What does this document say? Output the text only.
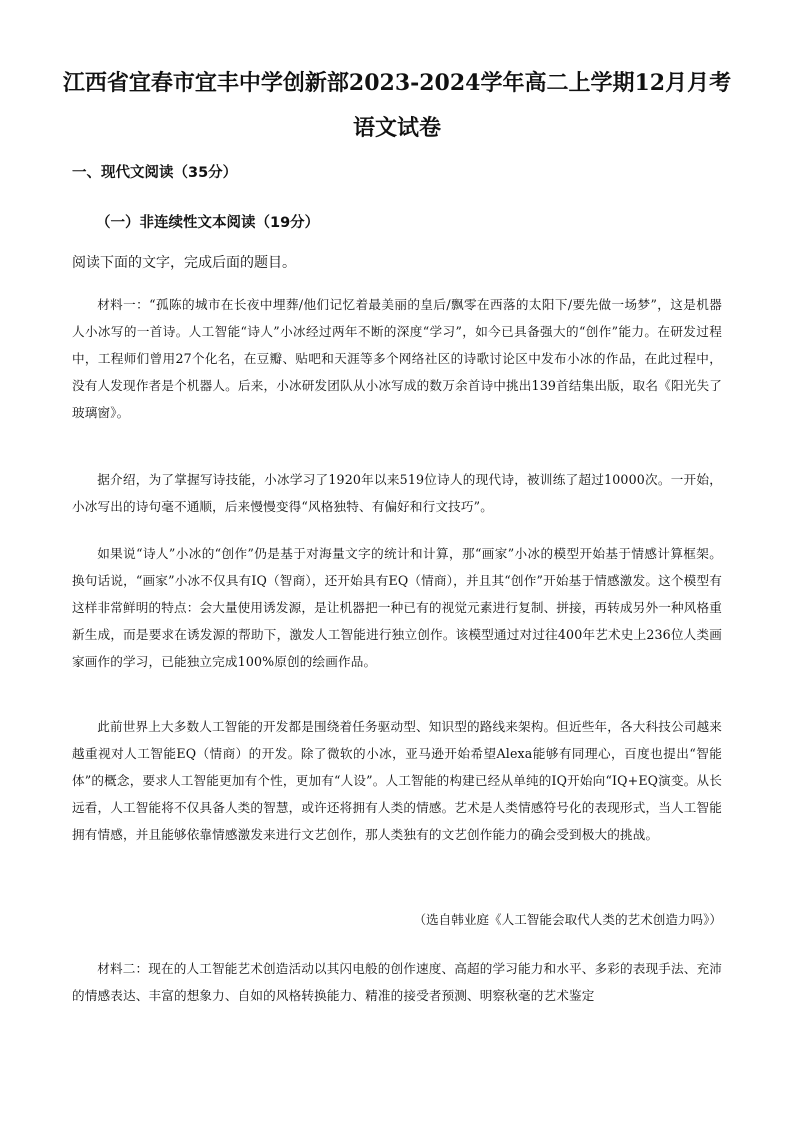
江西省宜春市宜丰中学创新部2023-2024学年高二上学期12月月考
语文试卷
一、现代文阅读（35分）
（一）非连续性文本阅读（19分）

阅读下面的文字，完成后面的题目。

材料一：“孤陈的城市在长夜中埋葬/他们记忆着最美丽的皇后/飘零在西落的太阳下/要先做一场梦”，这是机器人小冰写的一首诗。人工智能“诗人”小冰经过两年不断的深度“学习”，如今已具备强大的“创作”能力。在研发过程中，工程师们曾用27个化名，在豆瓣、贴吧和天涯等多个网络社区的诗歌讨论区中发布小冰的作品，在此过程中，没有人发现作者是个机器人。后来，小冰研发团队从小冰写成的数万余首诗中挑出139首结集出版，取名《阳光失了玻璃窗》。

据介绍，为了掌握写诗技能，小冰学习了1920年以来519位诗人的现代诗，被训练了超过10000次。一开始，小冰写出的诗句毫不通顺，后来慢慢变得“风格独特、有偏好和行文技巧”。

如果说“诗人”小冰的“创作”仍是基于对海量文字的统计和计算，那“画家”小冰的模型开始基于情感计算框架。换句话说，“画家”小冰不仅具有IQ（智商），还开始具有EQ（情商），并且其“创作”开始基于情感激发。这个模型有这样非常鲜明的特点：会大量使用诱发源，是让机器把一种已有的视觉元素进行复制、拼接，再转成另外一种风格重新生成，而是要求在诱发源的帮助下，激发人工智能进行独立创作。该模型通过对过往400年艺术史上236位人类画家画作的学习，已能独立完成100%原创的绘画作品。

此前世界上大多数人工智能的开发都是围绕着任务驱动型、知识型的路线来架构。但近些年，各大科技公司越来越重视对人工智能EQ（情商）的开发。除了微软的小冰，亚马逊开始希望Alexa能够有同理心，百度也提出“智能体”的概念，要求人工智能更加有个性，更加有“人设”。人工智能的构建已经从单纯的IQ开始向“IQ+EQ演变。从长远看，人工智能将不仅具备人类的智慧，或许还将拥有人类的情感。艺术是人类情感符号化的表现形式，当人工智能拥有情感，并且能够依靠情感激发来进行文艺创作，那人类独有的文艺创作能力的确会受到极大的挑战。

（选自韩业庭《人工智能会取代人类的艺术创造力吗》）

材料二：现在的人工智能艺术创造活动以其闪电般的创作速度、高超的学习能力和水平、多彩的表现手法、充沛的情感表达、丰富的想象力、自如的风格转换能力、精准的接受者预测、明察秋毫的艺术鉴定
